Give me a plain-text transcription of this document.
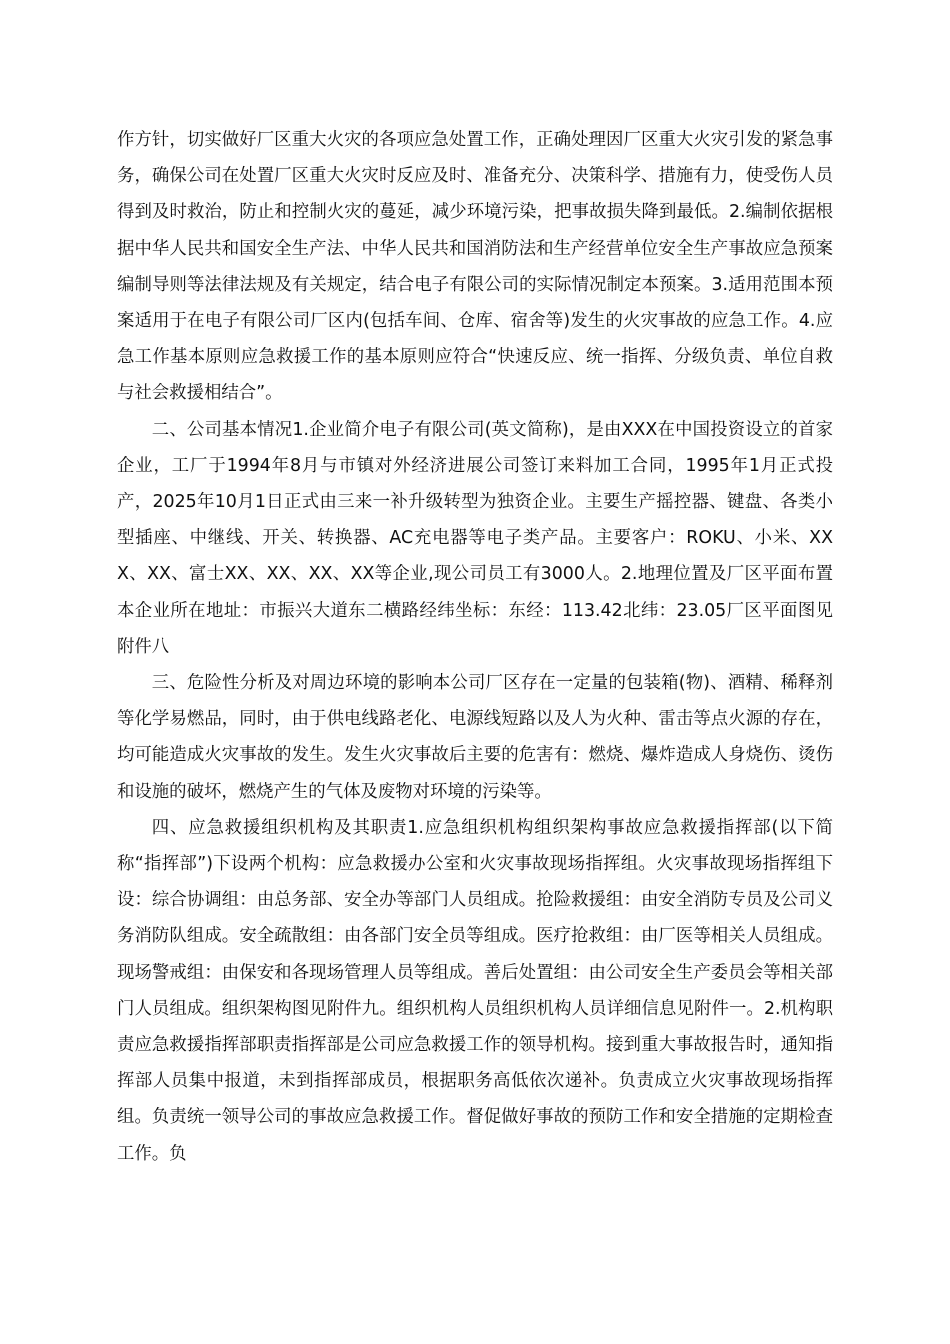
作方针，切实做好厂区重大火灾的各项应急处置工作，正确处理因厂区重大火灾引发的紧急事务，确保公司在处置厂区重大火灾时反应及时、准备充分、决策科学、措施有力，使受伤人员得到及时救治，防止和控制火灾的蔓延，减少环境污染，把事故损失降到最低。2.编制依据根据中华人民共和国安全生产法、中华人民共和国消防法和生产经营单位安全生产事故应急预案编制导则等法律法规及有关规定，结合电子有限公司的实际情况制定本预案。3.适用范围本预案适用于在电子有限公司厂区内(包括车间、仓库、宿舍等)发生的火灾事故的应急工作。4.应急工作基本原则应急救援工作的基本原则应符合“快速反应、统一指挥、分级负责、单位自救与社会救援相结合”。

二、公司基本情况1.企业简介电子有限公司(英文简称)，是由XXX在中国投资设立的首家企业，工厂于1994年8月与市镇对外经济进展公司签订来料加工合同，1995年1月正式投产，2025年10月1日正式由三来一补升级转型为独资企业。主要生产摇控器、键盘、各类小型插座、中继线、开关、转换器、AC充电器等电子类产品。主要客户：ROKU、小米、XXX、XX、富士XX、XX、XX、XX等企业,现公司员工有3000人。2.地理位置及厂区平面布置本企业所在地址：市振兴大道东二横路经纬坐标：东经：113.42北纬：23.05厂区平面图见附件八

三、危险性分析及对周边环境的影响本公司厂区存在一定量的包装箱(物)、酒精、稀释剂等化学易燃品，同时，由于供电线路老化、电源线短路以及人为火种、雷击等点火源的存在，均可能造成火灾事故的发生。发生火灾事故后主要的危害有：燃烧、爆炸造成人身烧伤、烫伤和设施的破坏，燃烧产生的气体及废物对环境的污染等。

四、应急救援组织机构及其职责1.应急组织机构组织架构事故应急救援指挥部(以下简称“指挥部”)下设两个机构：应急救援办公室和火灾事故现场指挥组。火灾事故现场指挥组下设：综合协调组：由总务部、安全办等部门人员组成。抢险救援组：由安全消防专员及公司义务消防队组成。安全疏散组：由各部门安全员等组成。医疗抢救组：由厂医等相关人员组成。现场警戒组：由保安和各现场管理人员等组成。善后处置组：由公司安全生产委员会等相关部门人员组成。组织架构图见附件九。组织机构人员组织机构人员详细信息见附件一。2.机构职责应急救援指挥部职责指挥部是公司应急救援工作的领导机构。接到重大事故报告时，通知指挥部人员集中报道，未到指挥部成员，根据职务高低依次递补。负责成立火灾事故现场指挥组。负责统一领导公司的事故应急救援工作。督促做好事故的预防工作和安全措施的定期检查工作。负
